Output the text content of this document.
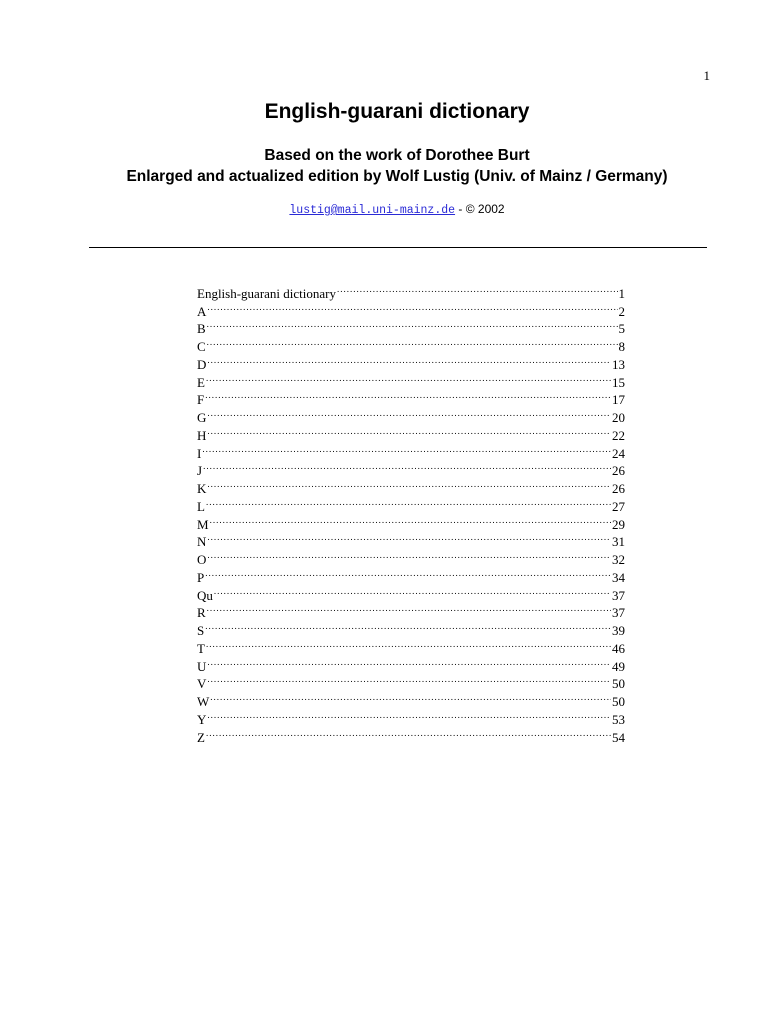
1
English-guarani dictionary
Based on the work of Dorothee Burt
Enlarged and actualized edition by Wolf Lustig (Univ. of Mainz / Germany)
lustig@mail.uni-mainz.de - © 2002
English-guarani dictionary .....	1
A .....	2
B .....	5
C .....	8
D .....	13
E .....	15
F .....	17
G .....	20
H .....	22
I .....	24
J .....	26
K .....	26
L .....	27
M .....	29
N .....	31
O .....	32
P .....	34
Qu .....	37
R .....	37
S .....	39
T .....	46
U .....	49
V .....	50
W .....	50
Y .....	53
Z .....	54
